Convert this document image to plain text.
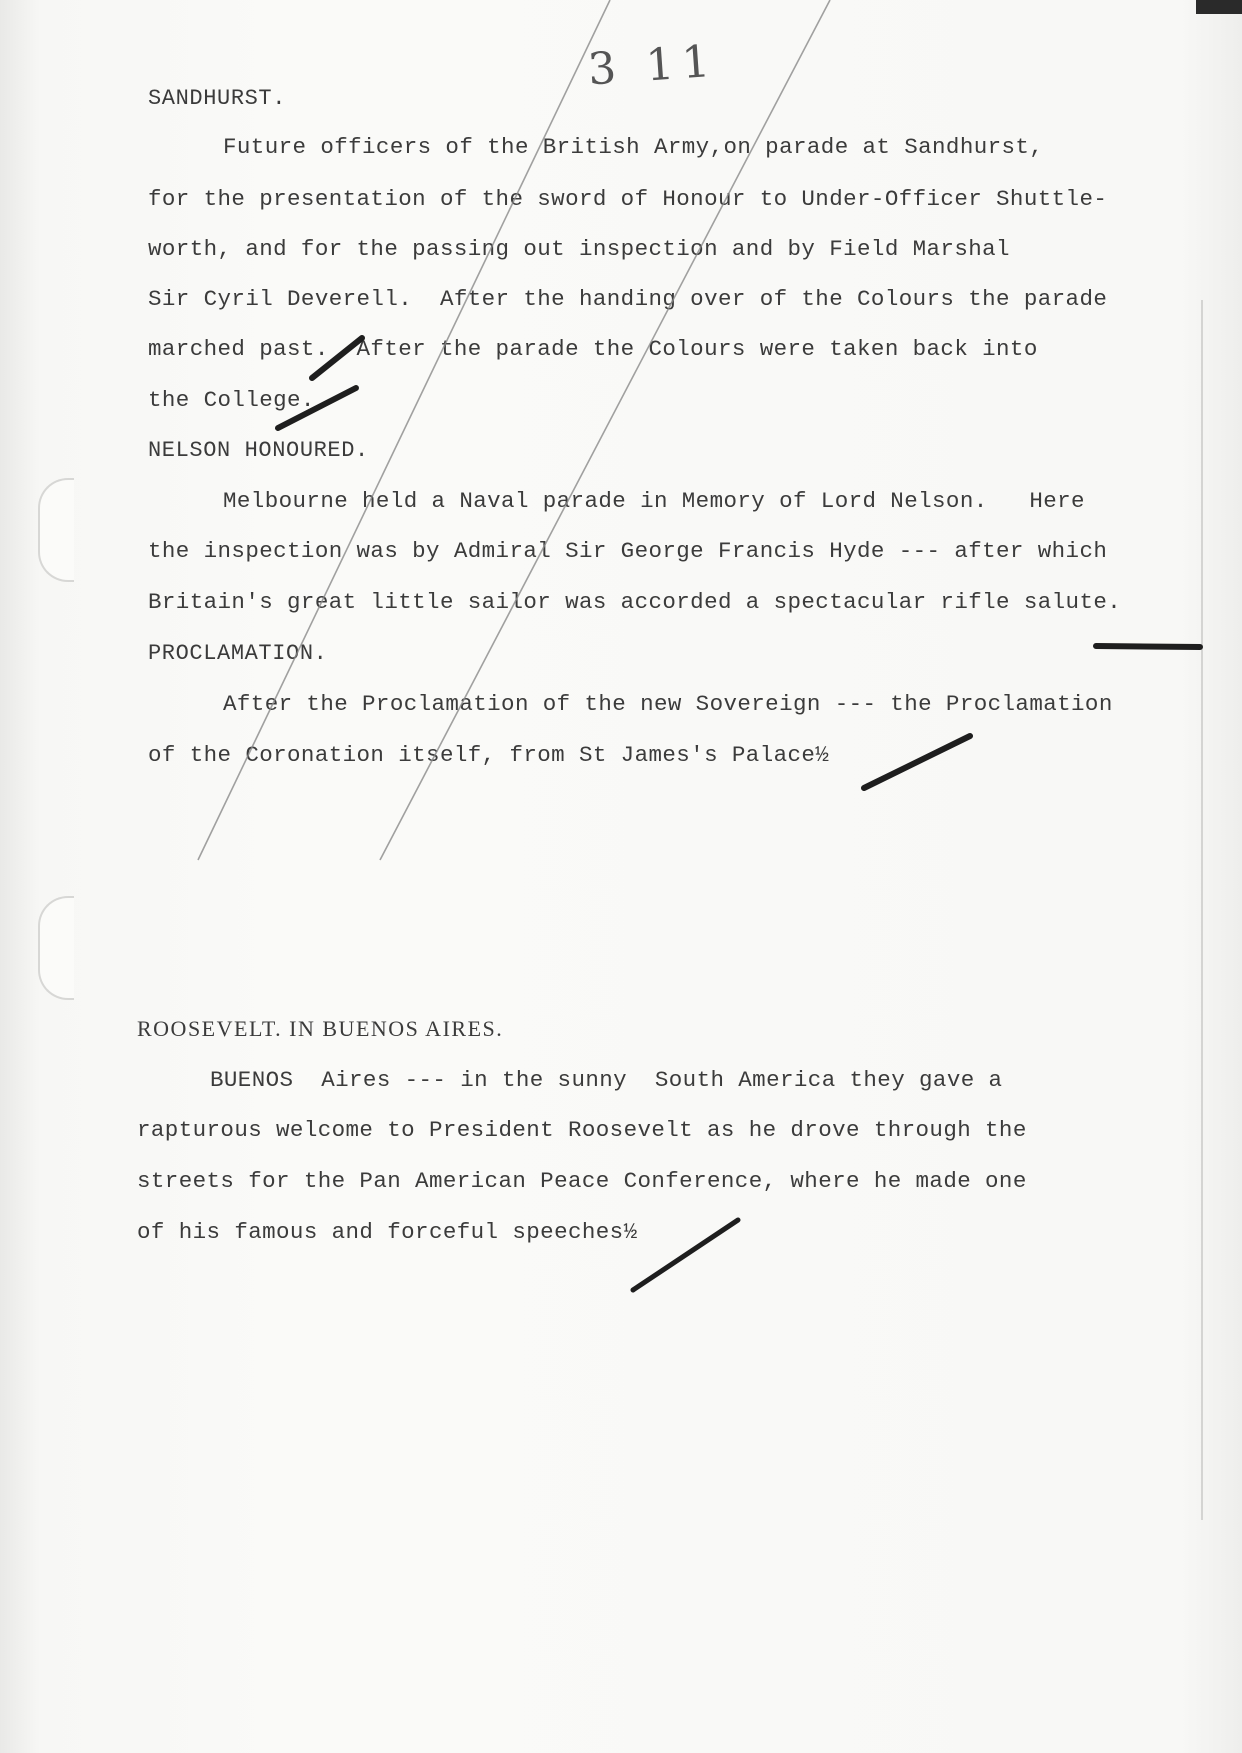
3 11
SANDHURST.
Future officers of the British Army,on parade at Sandhurst,
for the presentation of the sword of Honour to Under-Officer Shuttle-
worth, and for the passing out inspection and by Field Marshal
Sir Cyril Deverell.  After the handing over of the Colours the parade
marched past.  After the parade the Colours were taken back into
the College.
NELSON HONOURED.
Melbourne held a Naval parade in Memory of Lord Nelson.   Here
the inspection was by Admiral Sir George Francis Hyde --- after which
Britain's great little sailor was accorded a spectacular rifle salute.
PROCLAMATION.
After the Proclamation of the new Sovereign --- the Proclamation
of the Coronation itself, from St James's Palace½
ROOSEVELT. IN BUENOS AIRES.
BUENOS  Aires --- in the sunny  South America they gave a
rapturous welcome to President Roosevelt as he drove through the
streets for the Pan American Peace Conference, where he made one
of his famous and forceful speeches½
